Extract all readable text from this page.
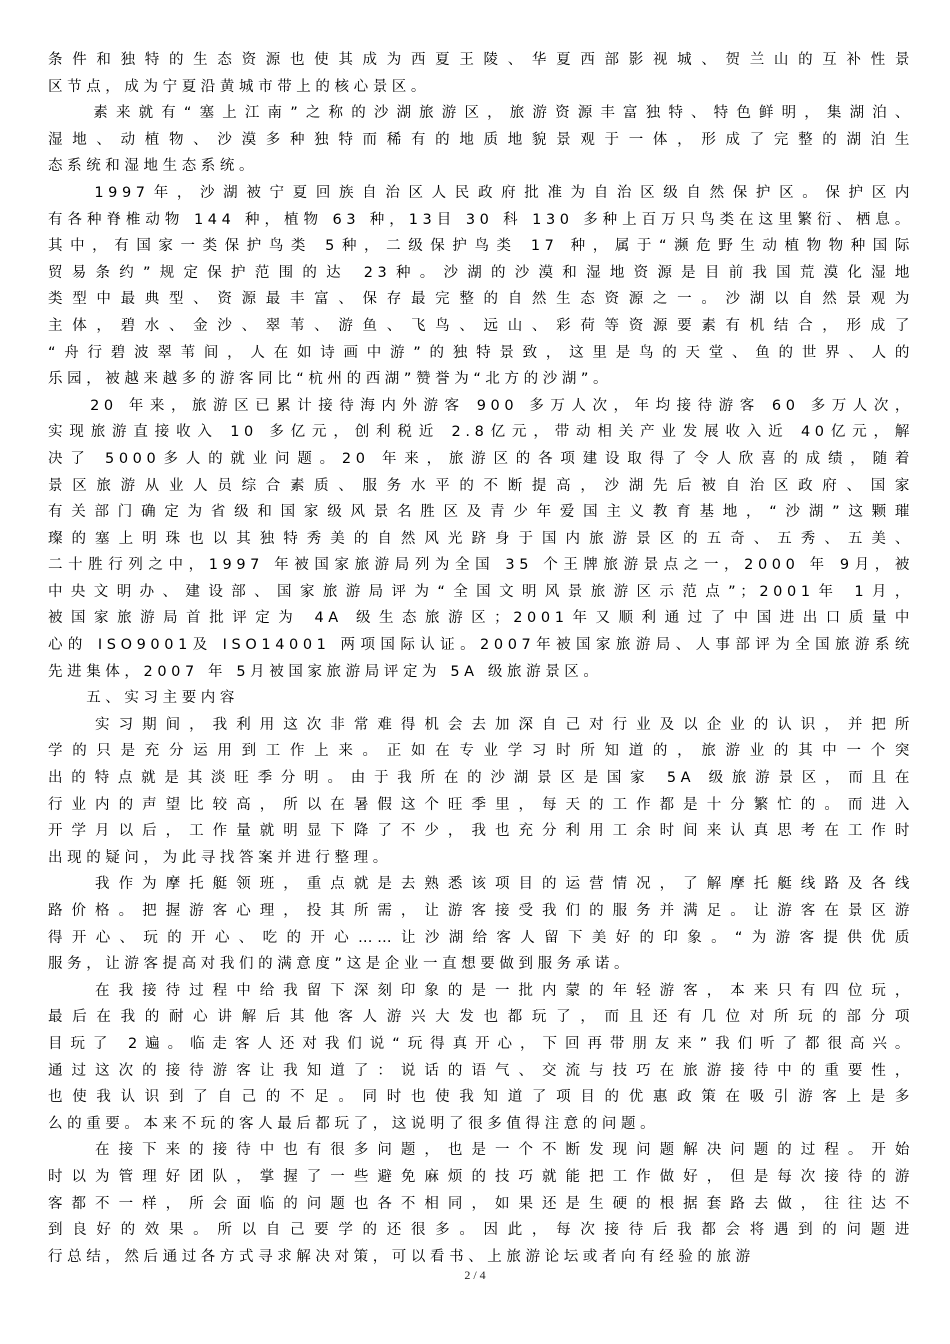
条件和独特的生态资源也使其成为西夏王陵、华夏西部影视城、贺兰山的互补性景
区节点，成为宁夏沿黄城市带上的核心景区。
　　素来就有“塞上江南”之称的沙湖旅游区，旅游资源丰富独特、特色鲜明，集湖泊、
湿地、动植物、沙漠多种独特而稀有的地质地貌景观于一体，形成了完整的湖泊生
态系统和湿地生态系统。
　　1997年，沙湖被宁夏回族自治区人民政府批准为自治区级自然保护区。保护区内
有各种脊椎动物 144 种，植物 63 种，13目 30 科 130 多种上百万只鸟类在这里繁衍、栖息。
其中，有国家一类保护鸟类 5种，二级保护鸟类 17 种，属于“濒危野生动植物物种国际
贸易条约”规定保护范围的达 23种。沙湖的沙漠和湿地资源是目前我国荒漠化湿地
类型中最典型、资源最丰富、保存最完整的自然生态资源之一。沙湖以自然景观为
主体，碧水、金沙、翠苇、游鱼、飞鸟、远山、彩荷等资源要素有机结合，形成了
“舟行碧波翠苇间，人在如诗画中游”的独特景致，这里是鸟的天堂、鱼的世界、人的
乐园，被越来越多的游客同比“杭州的西湖”赞誉为“北方的沙湖”。
　　20 年来，旅游区已累计接待海内外游客 900 多万人次，年均接待游客 60 多万人次，
实现旅游直接收入 10 多亿元，创利税近 2.8亿元，带动相关产业发展收入近 40亿元，解
决了 5000多人的就业问题。20 年来，旅游区的各项建设取得了令人欣喜的成绩，随着
景区旅游从业人员综合素质、服务水平的不断提高，沙湖先后被自治区政府、国家
有关部门确定为省级和国家级风景名胜区及青少年爱国主义教育基地，“沙湖”这颗璀
璨的塞上明珠也以其独特秀美的自然风光跻身于国内旅游景区的五奇、五秀、五美、
二十胜行列之中，1997 年被国家旅游局列为全国 35 个王牌旅游景点之一，2000 年 9月，被
中央文明办、建设部、国家旅游局评为“全国文明风景旅游区示范点”；2001年 1月，
被国家旅游局首批评定为 4A 级生态旅游区；2001年又顺利通过了中国进出口质量中
心的 ISO9001及 ISO14001 两项国际认证。2007年被国家旅游局、人事部评为全国旅游系统
先进集体，2007 年 5月被国家旅游局评定为 5A 级旅游景区。
　　五、实习主要内容
　　实习期间，我利用这次非常难得机会去加深自己对行业及以企业的认识，并把所
学的只是充分运用到工作上来。正如在专业学习时所知道的，旅游业的其中一个突
出的特点就是其淡旺季分明。由于我所在的沙湖景区是国家 5A 级旅游景区，而且在
行业内的声望比较高，所以在暑假这个旺季里，每天的工作都是十分繁忙的。而进入
开学月以后，工作量就明显下降了不少，我也充分利用工余时间来认真思考在工作时
出现的疑问，为此寻找答案并进行整理。
　　我作为摩托艇领班，重点就是去熟悉该项目的运营情况，了解摩托艇线路及各线
路价格。把握游客心理，投其所需，让游客接受我们的服务并满足。让游客在景区游
得开心、玩的开心、吃的开心……让沙湖给客人留下美好的印象。“为游客提供优质
服务，让游客提高对我们的满意度”这是企业一直想要做到服务承诺。
　　在我接待过程中给我留下深刻印象的是一批内蒙的年轻游客，本来只有四位玩，
最后在我的耐心讲解后其他客人游兴大发也都玩了，而且还有几位对所玩的部分项
目玩了 2遍。临走客人还对我们说“玩得真开心，下回再带朋友来”我们听了都很高兴。
通过这次的接待游客让我知道了：说话的语气、交流与技巧在旅游接待中的重要性，
也使我认识到了自己的不足。同时也使我知道了项目的优惠政策在吸引游客上是多
么的重要。本来不玩的客人最后都玩了，这说明了很多值得注意的问题。
　　在接下来的接待中也有很多问题，也是一个不断发现问题解决问题的过程。开始
时以为管理好团队，掌握了一些避免麻烦的技巧就能把工作做好，但是每次接待的游
客都不一样，所会面临的问题也各不相同，如果还是生硬的根据套路去做，往往达不
到良好的效果。所以自己要学的还很多。因此，每次接待后我都会将遇到的问题进
行总结，然后通过各方式寻求解决对策，可以看书、上旅游论坛或者向有经验的旅游
2 / 4
